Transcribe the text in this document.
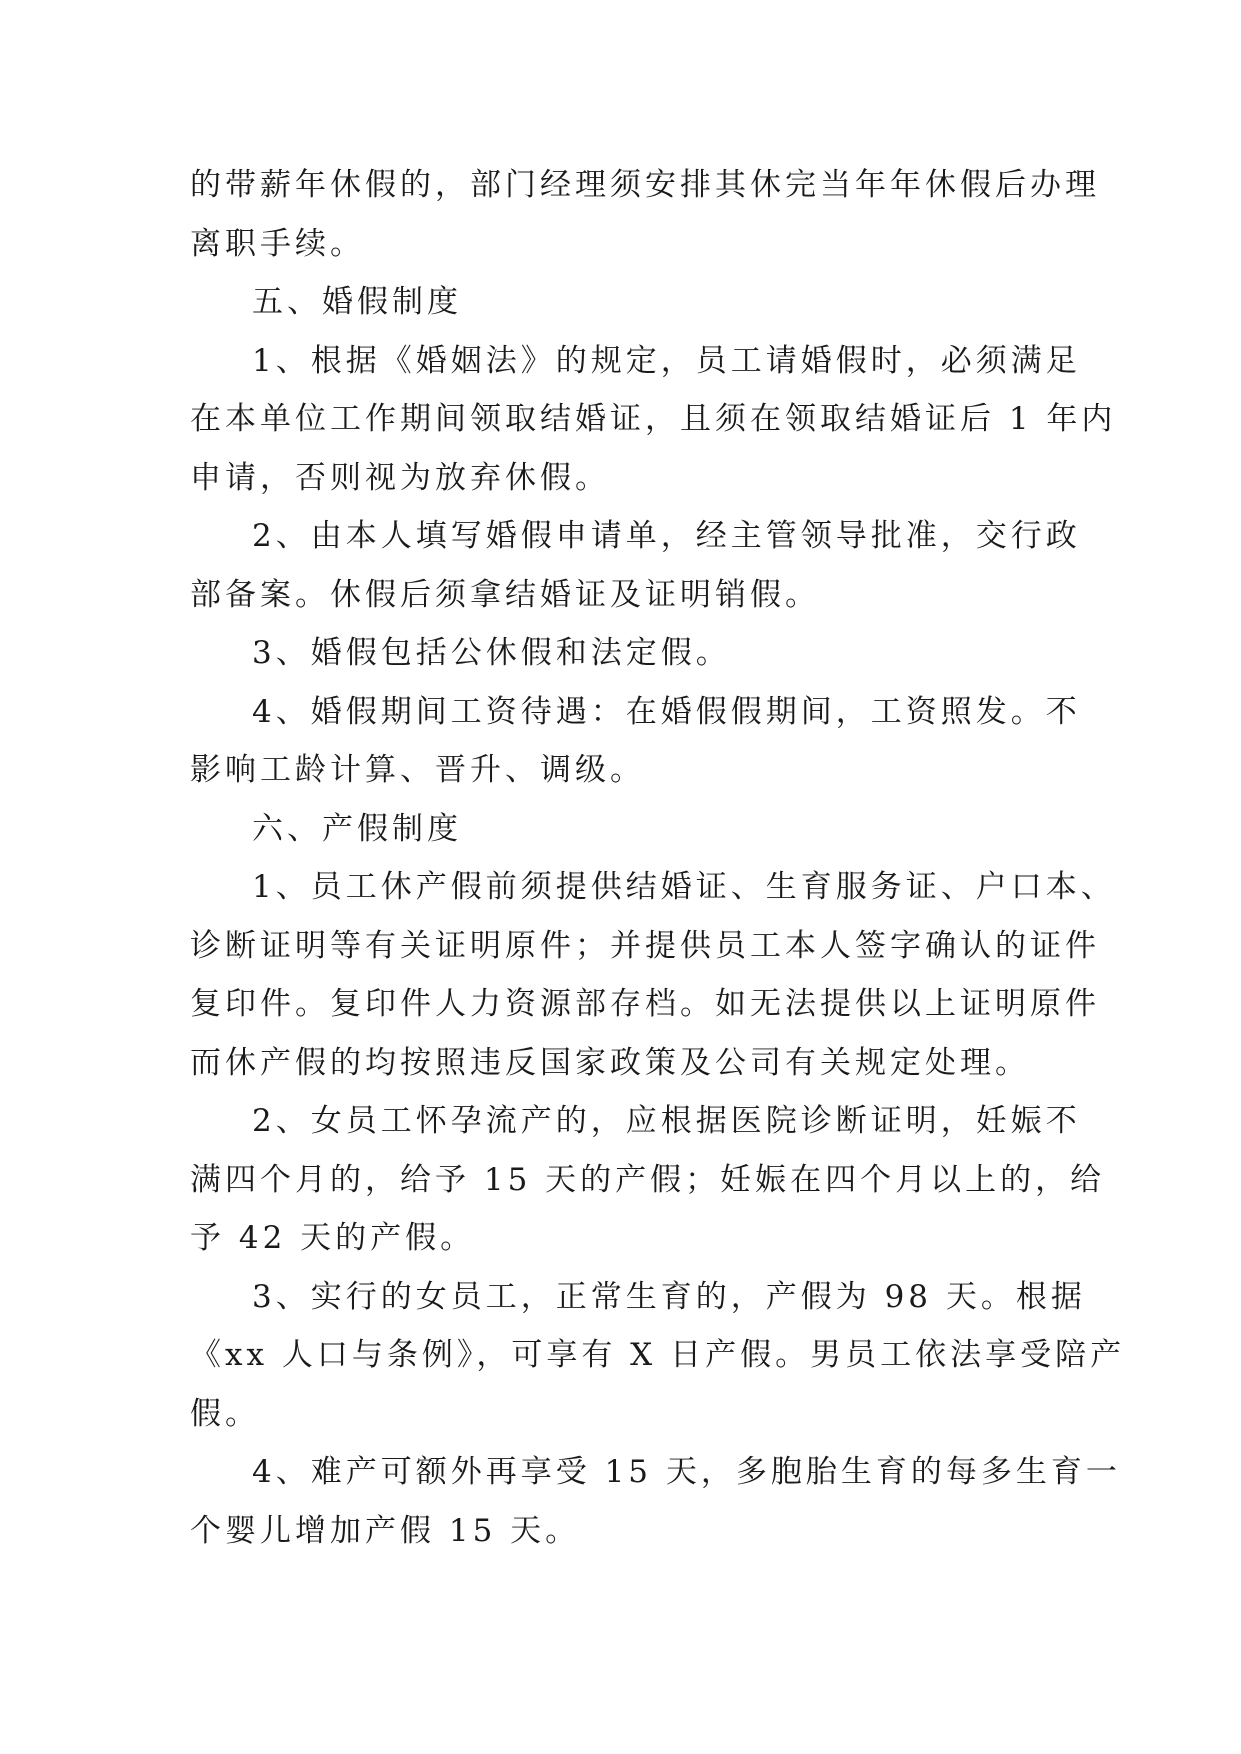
的带薪年休假的，部门经理须安排其休完当年年休假后办理
离职手续。
五、婚假制度
1、根据《婚姻法》的规定，员工请婚假时，必须满足
在本单位工作期间领取结婚证，且须在领取结婚证后 1 年内
申请，否则视为放弃休假。
2、由本人填写婚假申请单，经主管领导批准，交行政
部备案。休假后须拿结婚证及证明销假。
3、婚假包括公休假和法定假。
4、婚假期间工资待遇：在婚假假期间，工资照发。不
影响工龄计算、晋升、调级。
六、产假制度
1、员工休产假前须提供结婚证、生育服务证、户口本、
诊断证明等有关证明原件；并提供员工本人签字确认的证件
复印件。复印件人力资源部存档。如无法提供以上证明原件
而休产假的均按照违反国家政策及公司有关规定处理。
2、女员工怀孕流产的，应根据医院诊断证明，妊娠不
满四个月的，给予 15 天的产假；妊娠在四个月以上的，给
予 42 天的产假。
3、实行的女员工，正常生育的，产假为 98 天。根据
《xx 人口与条例》，可享有 X 日产假。男员工依法享受陪产
假。
4、难产可额外再享受 15 天，多胞胎生育的每多生育一
个婴儿增加产假 15 天。
